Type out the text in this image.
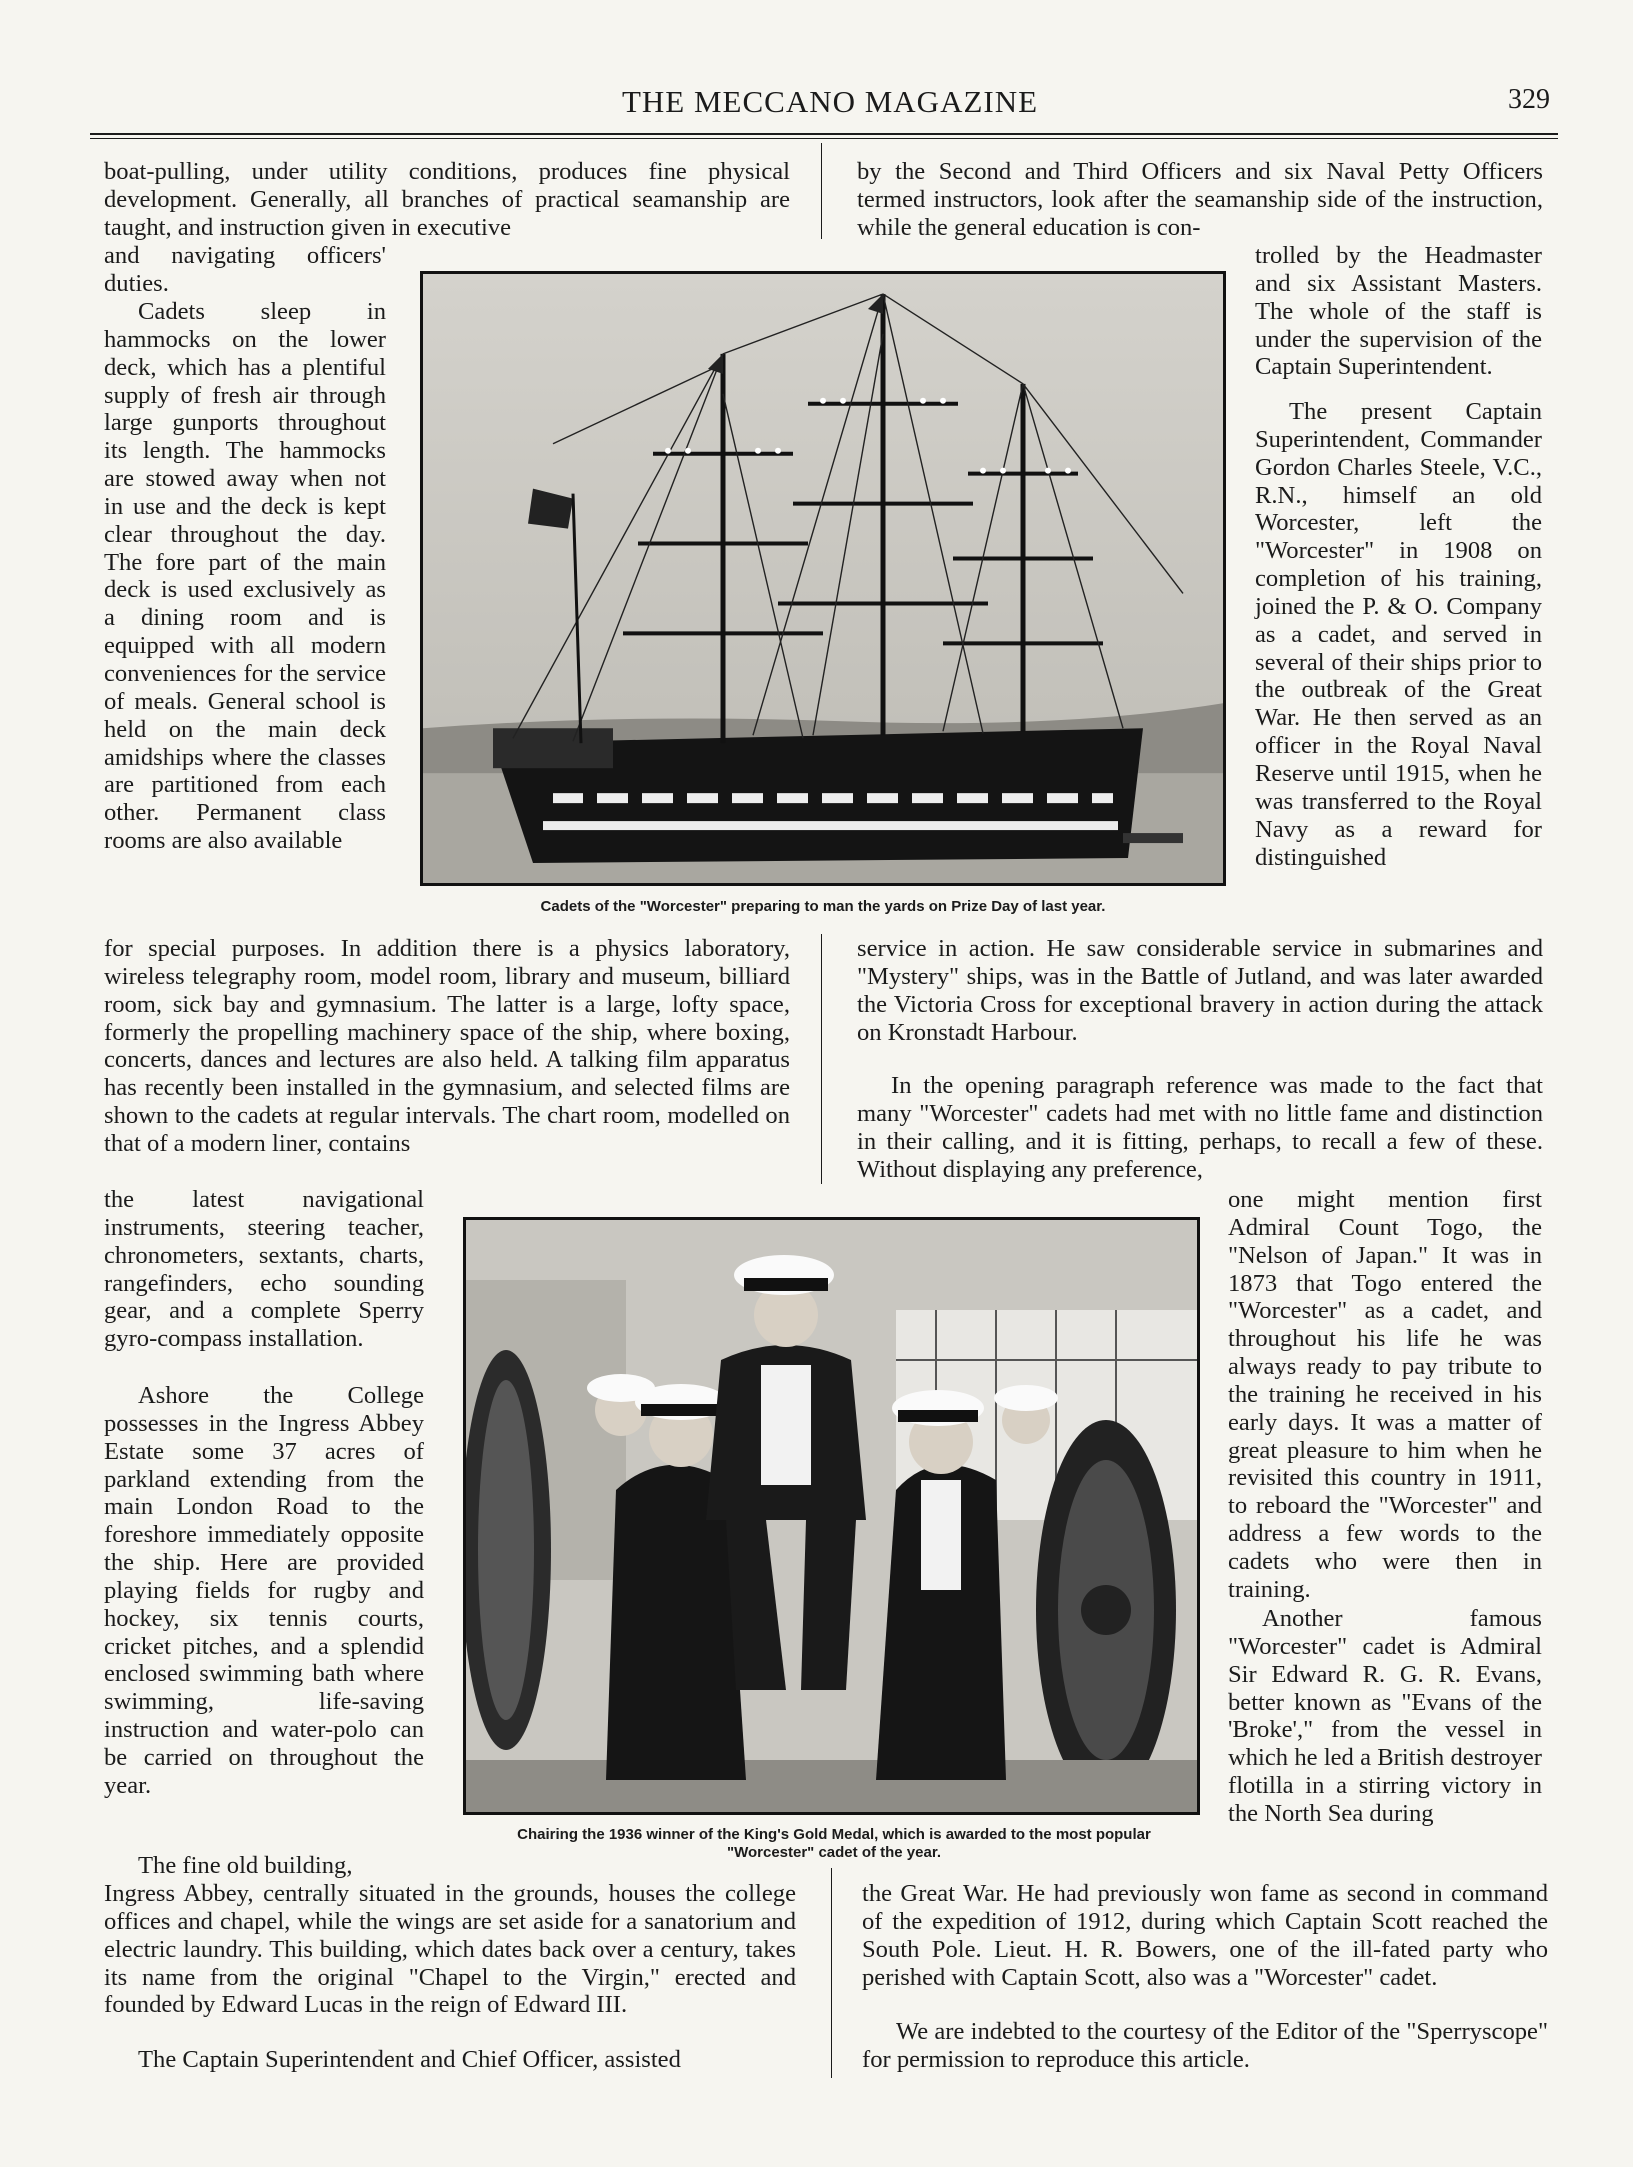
THE MECCANO MAGAZINE	329

boat-pulling, under utility conditions, produces fine physical development. Generally, all branches of practical seamanship are taught, and instruction given in executive

and navigating officers' duties.

Cadets sleep in hammocks on the lower deck, which has a plentiful supply of fresh air through large gunports throughout its length. The hammocks are stowed away when not in use and the deck is kept clear throughout the day. The fore part of the main deck is used exclusively as a dining room and is equipped with all modern conveniences for the service of meals. General school is held on the main deck amidships where the classes are partitioned from each other. Permanent class rooms are also available

for special purposes. In addition there is a physics laboratory, wireless telegraphy room, model room, library and museum, billiard room, sick bay and gymnasium. The latter is a large, lofty space, formerly the propelling machinery space of the ship, where boxing, concerts, dances and lectures are also held. A talking film apparatus has recently been installed in the gymnasium, and selected films are shown to the cadets at regular intervals. The chart room, modelled on that of a modern liner, contains

the latest navigational instruments, steering teacher, chronometers, sextants, charts, rangefinders, echo sounding gear, and a complete Sperry gyro-compass installation.

Ashore the College possesses in the Ingress Abbey Estate some 37 acres of parkland extending from the main London Road to the foreshore immediately opposite the ship. Here are provided playing fields for rugby and hockey, six tennis courts, cricket pitches, and a splendid enclosed swimming bath where swimming, life-saving instruction and water-polo can be carried on throughout the year.

The fine old building,

Ingress Abbey, centrally situated in the grounds, houses the college offices and chapel, while the wings are set aside for a sanatorium and electric laundry. This building, which dates back over a century, takes its name from the original "Chapel to the Virgin," erected and founded by Edward Lucas in the reign of Edward III.

The Captain Superintendent and Chief Officer, assisted

by the Second and Third Officers and six Naval Petty Officers termed instructors, look after the seamanship side of the instruction, while the general education is con-

trolled by the Headmaster and six Assistant Masters. The whole of the staff is under the supervision of the Captain Superintendent.

The present Captain Superintendent, Commander Gordon Charles Steele, V.C., R.N., himself an old Worcester, left the "Worcester" in 1908 on completion of his training, joined the P. & O. Company as a cadet, and served in several of their ships prior to the outbreak of the Great War. He then served as an officer in the Royal Naval Reserve until 1915, when he was transferred to the Royal Navy as a reward for distinguished

service in action. He saw considerable service in submarines and "Mystery" ships, was in the Battle of Jutland, and was later awarded the Victoria Cross for exceptional bravery in action during the attack on Kronstadt Harbour.

In the opening paragraph reference was made to the fact that many "Worcester" cadets had met with no little fame and distinction in their calling, and it is fitting, perhaps, to recall a few of these. Without displaying any preference,

one might mention first Admiral Count Togo, the "Nelson of Japan." It was in 1873 that Togo entered the "Worcester" as a cadet, and throughout his life he was always ready to pay tribute to the training he received in his early days. It was a matter of great pleasure to him when he revisited this country in 1911, to reboard the "Worcester" and address a few words to the cadets who were then in training.

Another famous "Worcester" cadet is Admiral Sir Edward R. G. R. Evans, better known as "Evans of the 'Broke'," from the vessel in which he led a British destroyer flotilla in a stirring victory in the North Sea during

the Great War. He had previously won fame as second in command of the expedition of 1912, during which Captain Scott reached the South Pole. Lieut. H. R. Bowers, one of the ill-fated party who perished with Captain Scott, also was a "Worcester" cadet.

We are indebted to the courtesy of the Editor of the "Sperryscope" for permission to reproduce this article.

Cadets of the "Worcester" preparing to man the yards on Prize Day of last year.

Chairing the 1936 winner of the King's Gold Medal, which is awarded to the most popular

"Worcester" cadet of the year.
